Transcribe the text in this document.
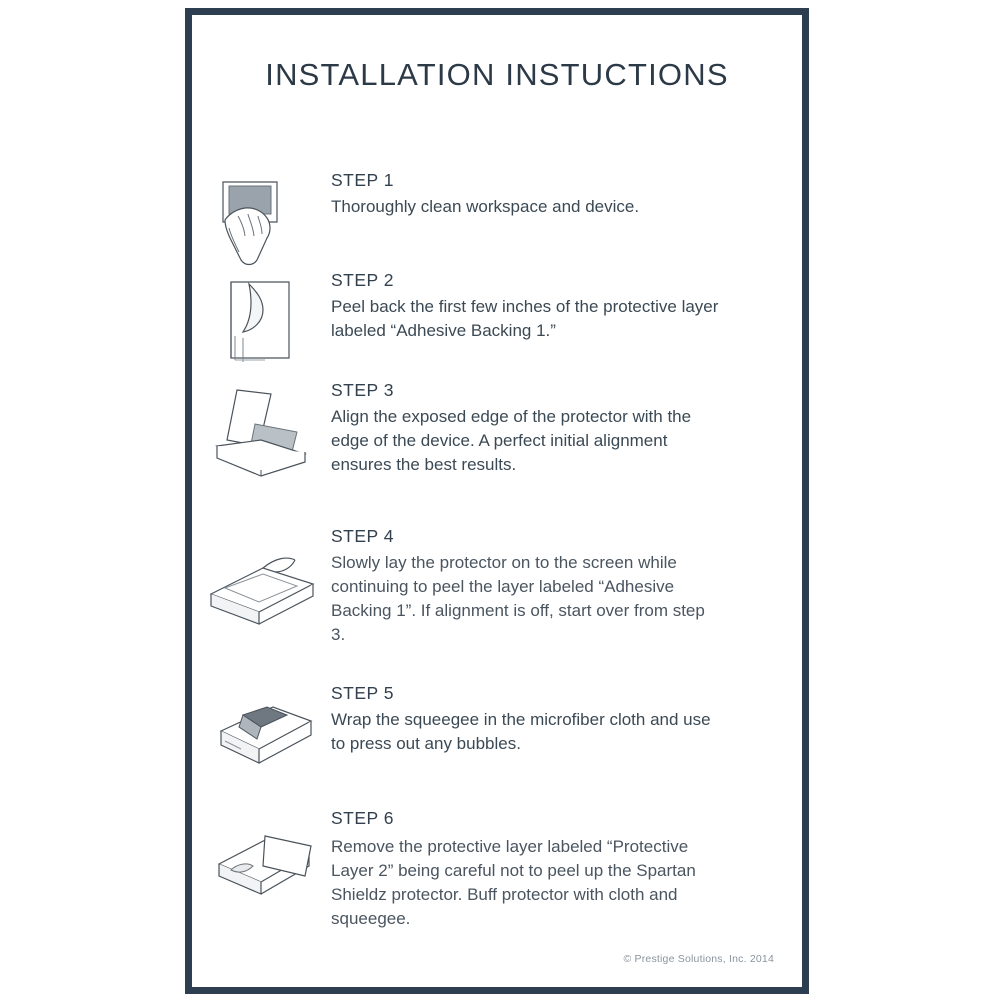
INSTALLATION INSTUCTIONS
STEP 1
Thoroughly clean workspace and device.
STEP 2
Peel back the first few inches of the protective layer labeled “Adhesive Backing 1.”
STEP 3
Align the exposed edge of the protector with the edge of the device. A perfect initial alignment ensures the best results.
STEP 4
Slowly lay the protector on to the screen while continuing to peel the layer labeled “Adhesive Backing 1”. If alignment is off, start over from step 3.
STEP 5
Wrap the squeegee in the microfiber cloth and use to press out any bubbles.
STEP 6
Remove the protective layer labeled “Protective Layer 2” being careful not to peel up the Spartan Shieldz protector. Buff protector with cloth and squeegee.
© Prestige Solutions, Inc. 2014
